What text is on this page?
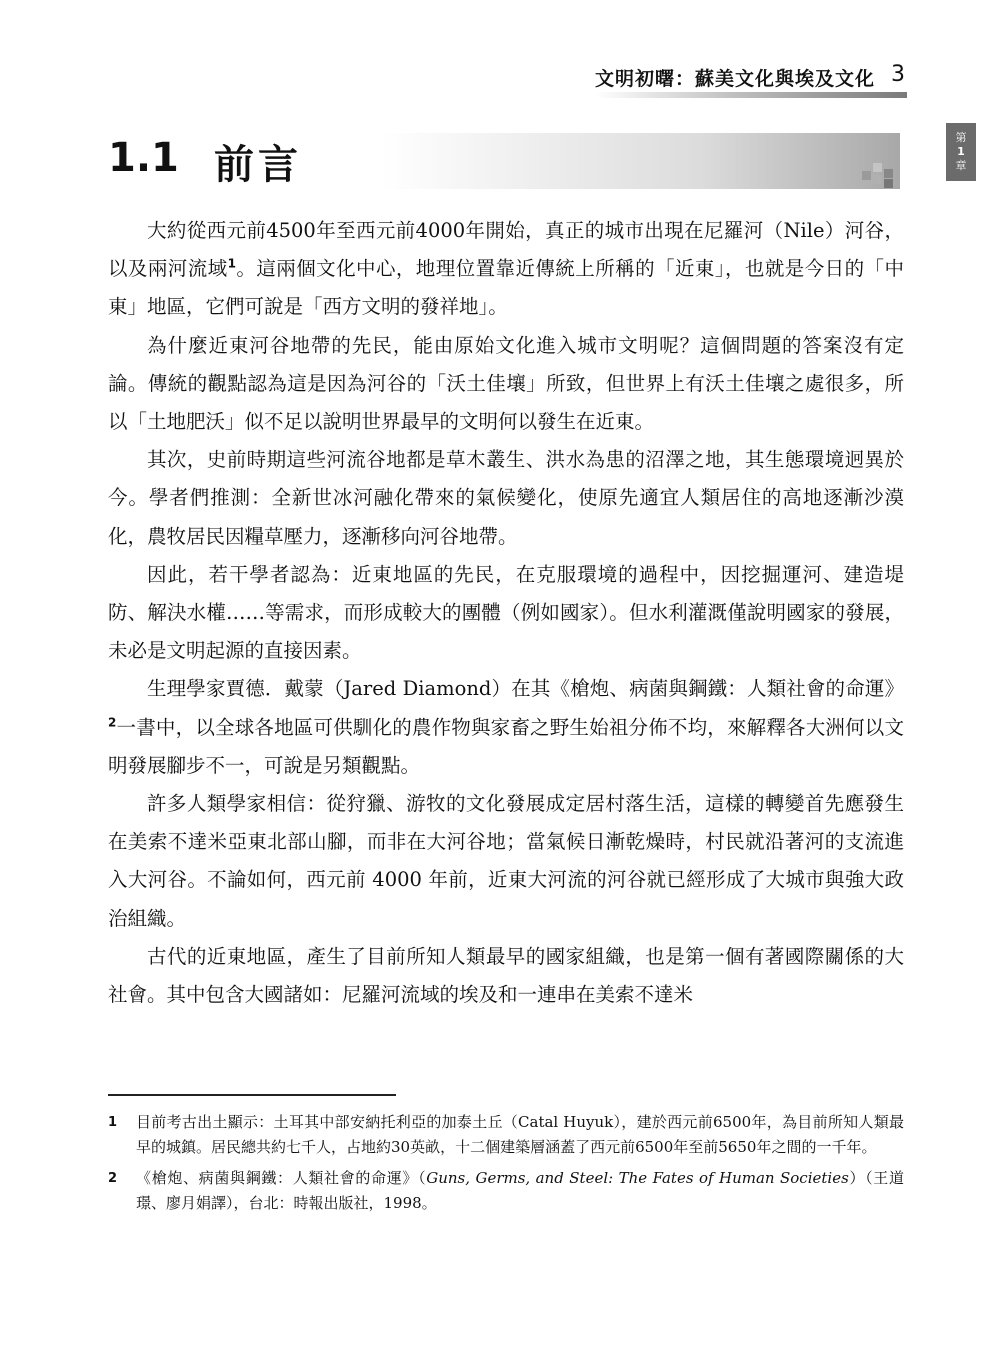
文明初曙：蘇美文化與埃及文化 3
第
1
章
1.1 前言

大約從西元前4500年至西元前4000年開始，真正的城市出現在尼羅河（Nile）河谷，以及兩河流域$^1$。這兩個文化中心，地理位置靠近傳統上所稱的「近東」，也就是今日的「中東」地區，它們可說是「西方文明的發祥地」。

為什麼近東河谷地帶的先民，能由原始文化進入城市文明呢？這個問題的答案沒有定論。傳統的觀點認為這是因為河谷的「沃土佳壤」所致，但世界上有沃土佳壤之處很多，所以「土地肥沃」似不足以說明世界最早的文明何以發生在近東。

其次，史前時期這些河流谷地都是草木叢生、洪水為患的沼澤之地，其生態環境迥異於今。學者們推測：全新世冰河融化帶來的氣候變化，使原先適宜人類居住的高地逐漸沙漠化，農牧居民因糧草壓力，逐漸移向河谷地帶。

因此，若干學者認為：近東地區的先民，在克服環境的過程中，因挖掘運河、建造堤防、解決水權……等需求，而形成較大的團體（例如國家）。但水利灌溉僅說明國家的發展，未必是文明起源的直接因素。

生理學家賈德．戴蒙（Jared Diamond）在其《槍炮、病菌與鋼鐵：人類社會的命運》$^2$一書中，以全球各地區可供馴化的農作物與家畜之野生始祖分佈不均，來解釋各大洲何以文明發展腳步不一，可說是另類觀點。

許多人類學家相信：從狩獵、游牧的文化發展成定居村落生活，這樣的轉變首先應發生在美索不達米亞東北部山腳，而非在大河谷地；當氣候日漸乾燥時，村民就沿著河的支流進入大河谷。不論如何，西元前 4000 年前，近東大河流的河谷就已經形成了大城市與強大政治組織。

古代的近東地區，產生了目前所知人類最早的國家組織，也是第一個有著國際關係的大社會。其中包含大國諸如：尼羅河流域的埃及和一連串在美索不達米

1 目前考古出土顯示：土耳其中部安納托利亞的加泰土丘（Catal Huyuk），建於西元前6500年，為目前所知人類最早的城鎮。居民總共約七千人，占地約30英畝，十二個建築層涵蓋了西元前6500年至前5650年之間的一千年。
2 《槍炮、病菌與鋼鐵：人類社會的命運》（Guns, Germs, and Steel: The Fates of Human Societies）（王道璟、廖月娟譯），台北：時報出版社，1998。
